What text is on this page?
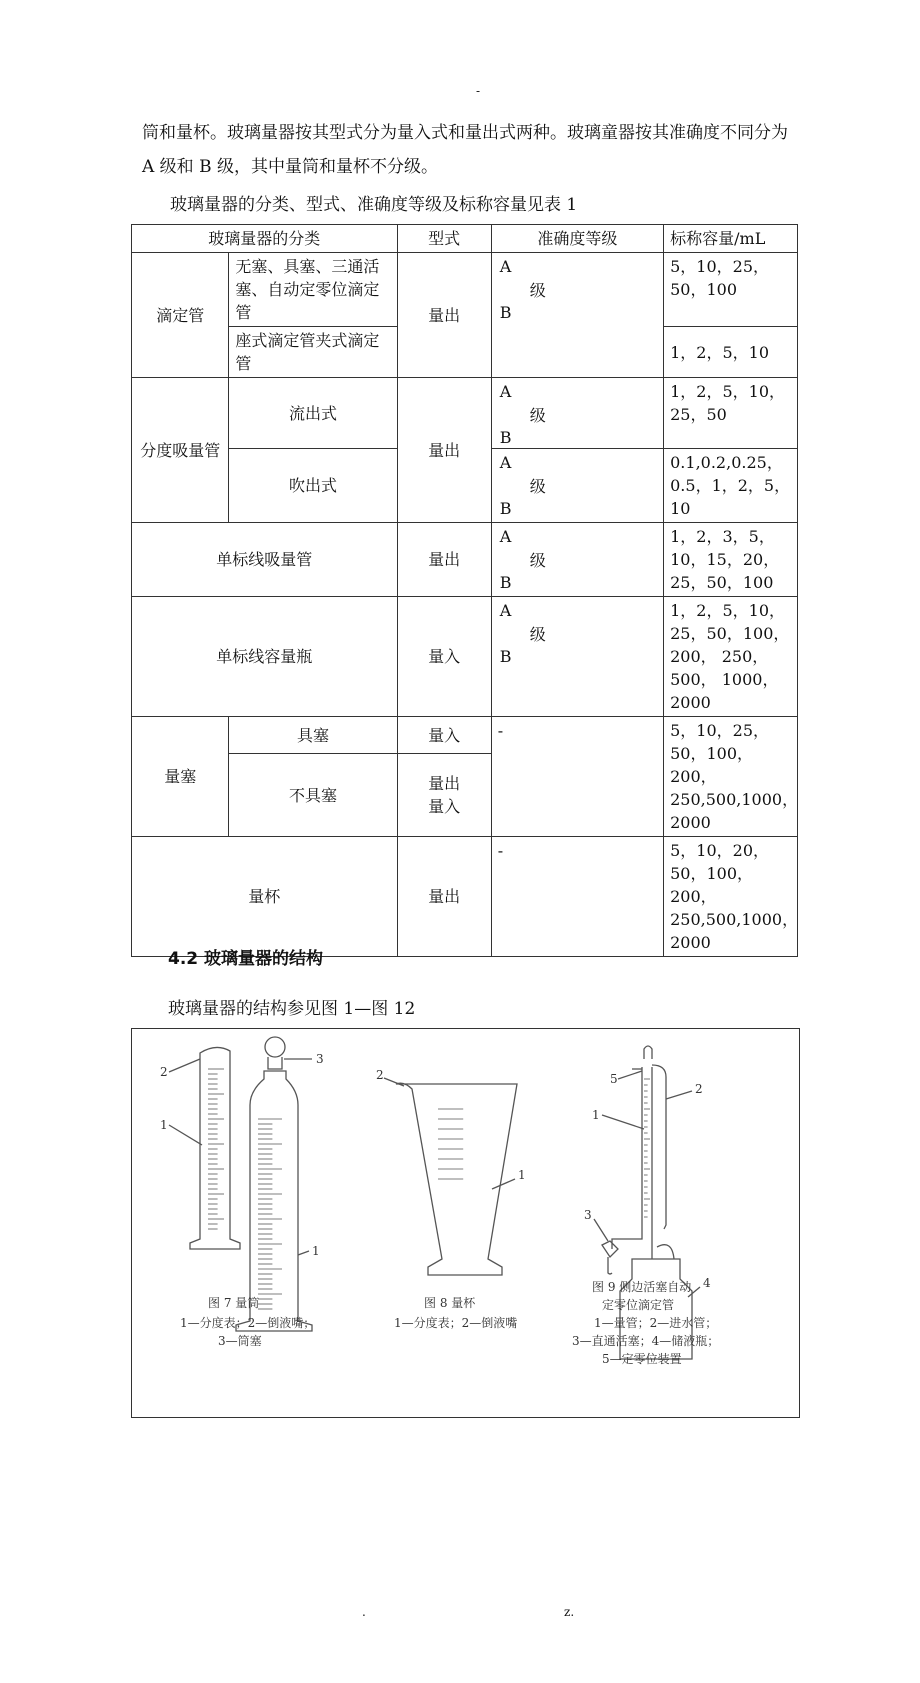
-
筒和量杯。玻璃量器按其型式分为量入式和量出式两种。玻璃童器按其准确度不同分为 A 级和 B 级，其中量筒和量杯不分级。
玻璃量器的分类、型式、准确度等级及标称容量见表 1
玻璃量器的分类		型式	准确度等级	标称容量/mL
滴定管	无塞、具塞、三通活塞、自动定零位滴定管	量出	A
级
B	5，10，25，50，100
	座式滴定管夹式滴定管			1，2，5，10
分度吸量管	流出式	量出	A
级
B	1，2，5，10，25，50
	吹出式		A
级
B	0.1,0.2,0.25，0.5，1，2，5，10
单标线吸量管		量出	A
级
B	1，2，3，5，10，15，20，25，50，100
单标线容量瓶		量入	A
级
B	1，2，5，10，25，50，100，200， 250，500， 1000，2000
量塞	具塞	量入	-	5，10，25，50，100，200，250,500,1000，2000
	不具塞	量出
量入		
量杯		量出	-	5，10，20，50，100，200，250,500,1000，2000
4.2 玻璃量器的结构
玻璃量器的结构参见图 1—图 12
2
1
3
1
2
1
5
2
1
3
4
图 7 量筒
1—分度表；2—倒液嘴；
3—筒塞
图 8 量杯
1—分度表；2—倒液嘴
图 9 侧边活塞自动
定零位滴定管
1—量管；2—进水管；
3—直通活塞；4—储液瓶；
5—定零位装置
.	z.
